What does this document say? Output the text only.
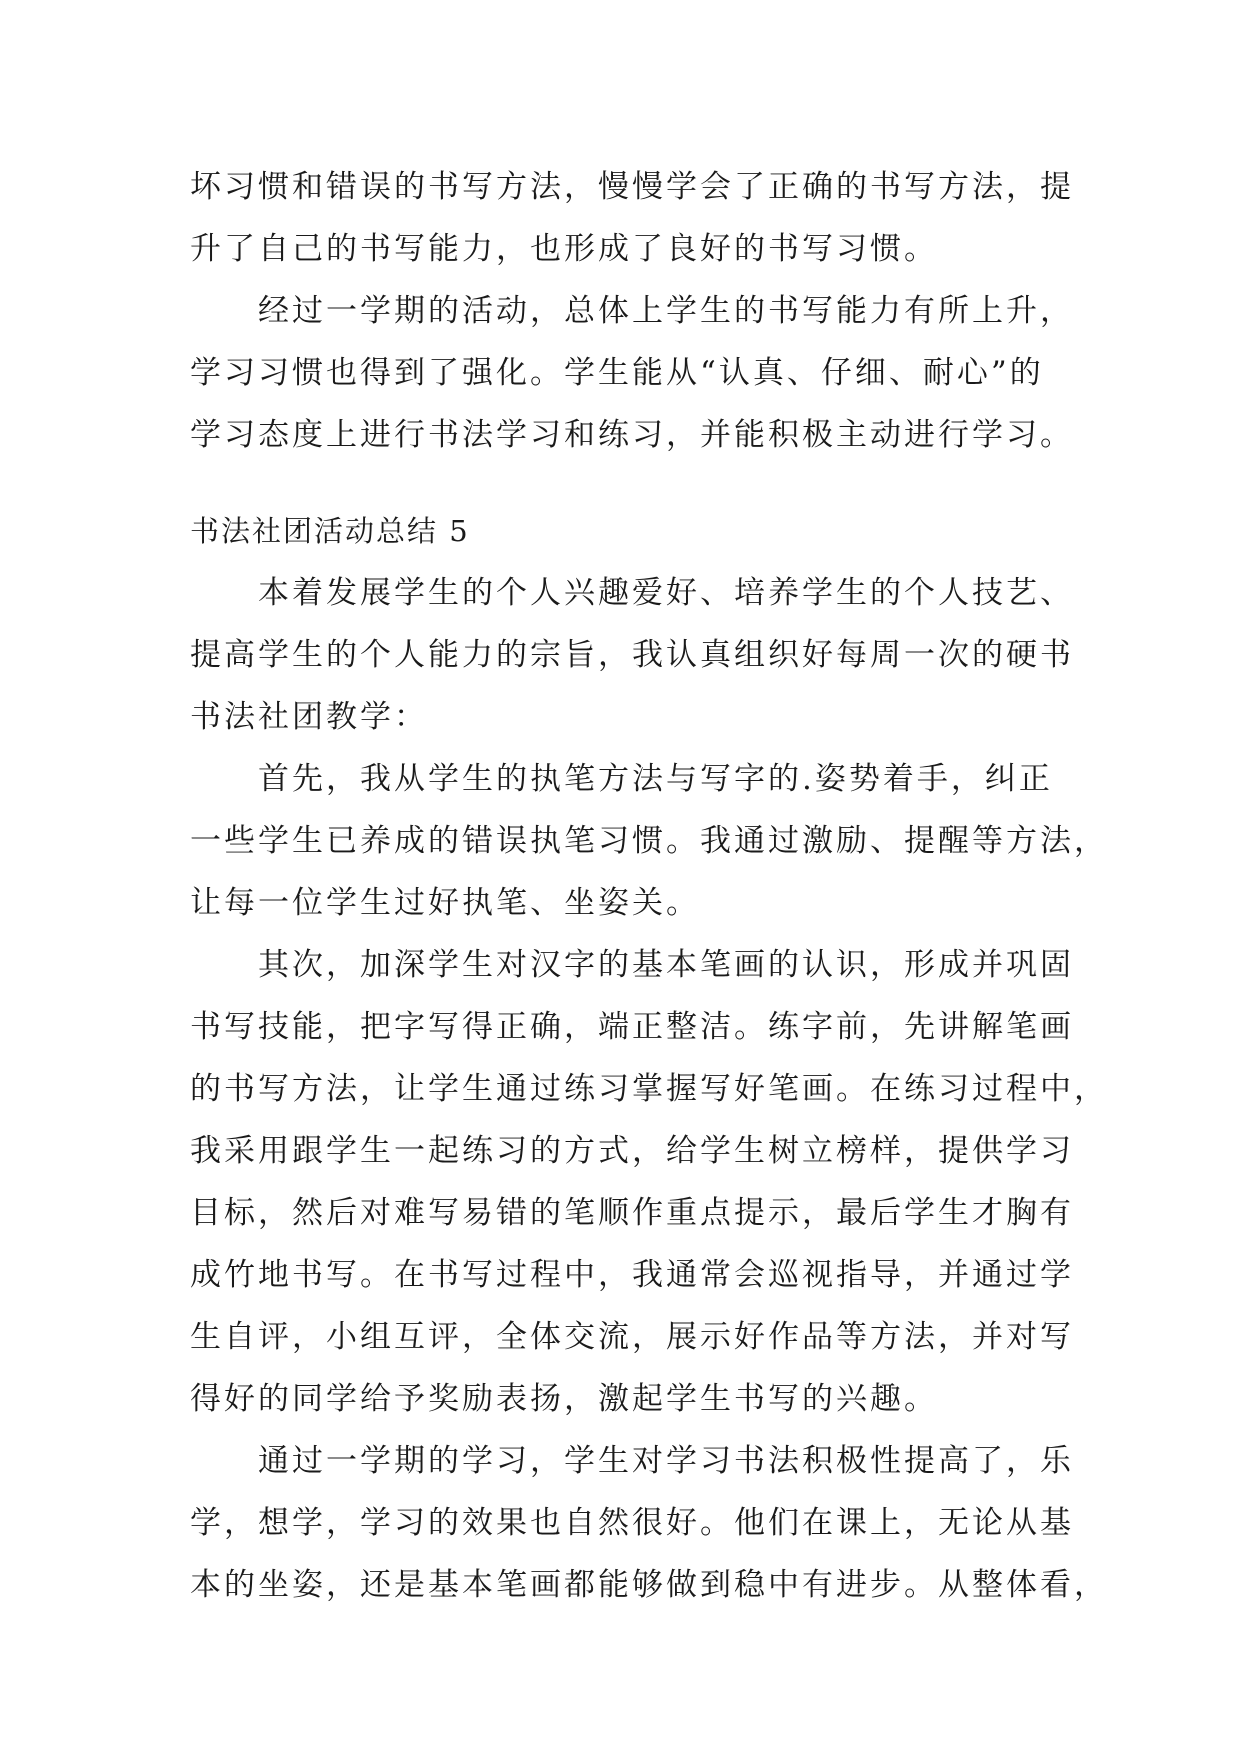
坏习惯和错误的书写方法，慢慢学会了正确的书写方法，提
升了自己的书写能力，也形成了良好的书写习惯。
经过一学期的活动，总体上学生的书写能力有所上升，
学习习惯也得到了强化。学生能从“认真、仔细、耐心”的
学习态度上进行书法学习和练习，并能积极主动进行学习。
书法社团活动总结 5
本着发展学生的个人兴趣爱好、培养学生的个人技艺、
提高学生的个人能力的宗旨，我认真组织好每周一次的硬书
书法社团教学：
首先，我从学生的执笔方法与写字的.姿势着手，纠正
一些学生已养成的错误执笔习惯。我通过激励、提醒等方法，
让每一位学生过好执笔、坐姿关。
其次，加深学生对汉字的基本笔画的认识，形成并巩固
书写技能，把字写得正确，端正整洁。练字前，先讲解笔画
的书写方法，让学生通过练习掌握写好笔画。在练习过程中，
我采用跟学生一起练习的方式，给学生树立榜样，提供学习
目标，然后对难写易错的笔顺作重点提示，最后学生才胸有
成竹地书写。在书写过程中，我通常会巡视指导，并通过学
生自评，小组互评，全体交流，展示好作品等方法，并对写
得好的同学给予奖励表扬，激起学生书写的兴趣。
通过一学期的学习，学生对学习书法积极性提高了，乐
学，想学，学习的效果也自然很好。他们在课上，无论从基
本的坐姿，还是基本笔画都能够做到稳中有进步。从整体看，
